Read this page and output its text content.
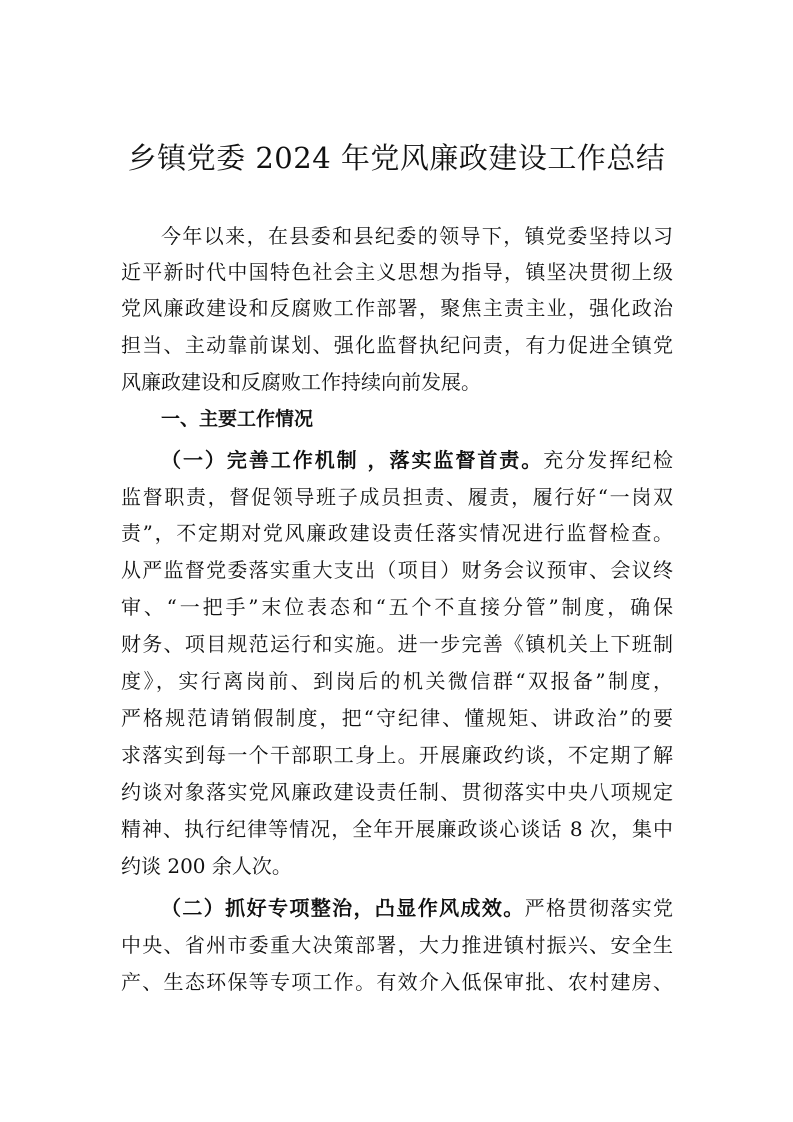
乡镇党委 2024 年党风廉政建设工作总结

今年以来，在县委和县纪委的领导下，镇党委坚持以习

近平新时代中国特色社会主义思想为指导，镇坚决贯彻上级

党风廉政建设和反腐败工作部署，聚焦主责主业，强化政治

担当、主动靠前谋划、强化监督执纪问责，有力促进全镇党

风廉政建设和反腐败工作持续向前发展。

一、主要工作情况

（一）完善工作机制 ，落实监督首责。充分发挥纪检

监督职责，督促领导班子成员担责、履责，履行好“一岗双

责”，不定期对党风廉政建设责任落实情况进行监督检查。

从严监督党委落实重大支出（项目）财务会议预审、会议终

审、“一把手”末位表态和“五个不直接分管”制度，确保

财务、项目规范运行和实施。进一步完善《镇机关上下班制

度》，实行离岗前、到岗后的机关微信群“双报备”制度，

严格规范请销假制度，把“守纪律、懂规矩、讲政治”的要

求落实到每一个干部职工身上。开展廉政约谈，不定期了解

约谈对象落实党风廉政建设责任制、贯彻落实中央八项规定

精神、执行纪律等情况，全年开展廉政谈心谈话 8 次，集中

约谈 200 余人次。

（二）抓好专项整治，凸显作风成效。严格贯彻落实党

中央、省州市委重大决策部署，大力推进镇村振兴、安全生

产、生态环保等专项工作。有效介入低保审批、农村建房、
